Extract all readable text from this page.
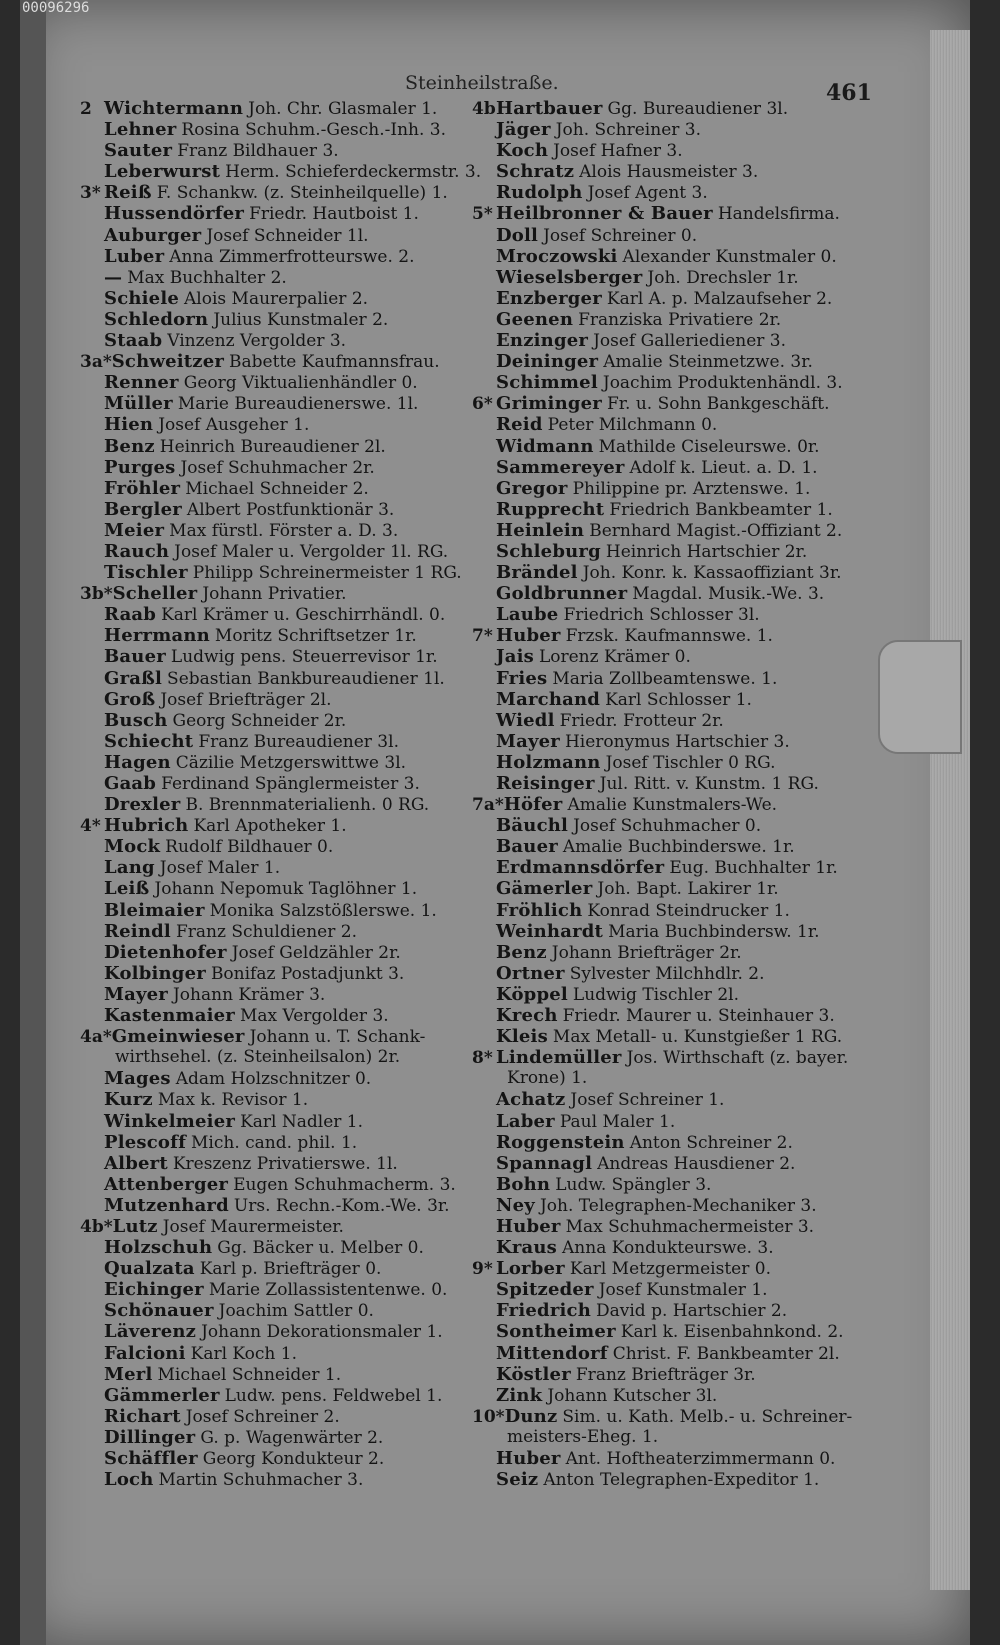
00096296
Steinheilstraße.	461
2 Wichtermann Joh. Chr. Glasmaler 1.
Lehner Rosina Schuhm.-Gesch.-Inh. 3.
Sauter Franz Bildhauer 3.
Leberwurst Herm. Schieferdeckermstr. 3.
3* Reiß F. Schankw. (z. Steinheilquelle) 1.
Hussendörfer Friedr. Hautboist 1.
Auburger Josef Schneider 1l.
Luber Anna Zimmerfrotteurswe. 2.
— Max Buchhalter 2.
Schiele Alois Maurerpalier 2.
Schledorn Julius Kunstmaler 2.
Staab Vinzenz Vergolder 3.
3a*Schweitzer Babette Kaufmannsfrau.
Renner Georg Viktualienhändler 0.
Müller Marie Bureaudienerswe. 1l.
Hien Josef Ausgeher 1.
Benz Heinrich Bureaudiener 2l.
Purges Josef Schuhmacher 2r.
Fröhler Michael Schneider 2.
Bergler Albert Postfunktionär 3.
Meier Max fürstl. Förster a. D. 3.
Rauch Josef Maler u. Vergolder 1l. RG.
Tischler Philipp Schreinermeister 1 RG.
3b*Scheller Johann Privatier.
Raab Karl Krämer u. Geschirrhändl. 0.
Herrmann Moritz Schriftsetzer 1r.
Bauer Ludwig pens. Steuerrevisor 1r.
Graßl Sebastian Bankbureaudiener 1l.
Groß Josef Briefträger 2l.
Busch Georg Schneider 2r.
Schiecht Franz Bureaudiener 3l.
Hagen Cäzilie Metzgerswittwe 3l.
Gaab Ferdinand Spänglermeister 3.
Drexler B. Brennmaterialienh. 0 RG.
4* Hubrich Karl Apotheker 1.
Mock Rudolf Bildhauer 0.
Lang Josef Maler 1.
Leiß Johann Nepomuk Taglöhner 1.
Bleimaier Monika Salzstößlerswe. 1.
Reindl Franz Schuldiener 2.
Dietenhofer Josef Geldzähler 2r.
Kolbinger Bonifaz Postadjunkt 3.
Mayer Johann Krämer 3.
Kastenmaier Max Vergolder 3.
4a*Gmeinwieser Johann u. T. Schank-
wirthsehel. (z. Steinheilsalon) 2r.
Mages Adam Holzschnitzer 0.
Kurz Max k. Revisor 1.
Winkelmeier Karl Nadler 1.
Plescoff Mich. cand. phil. 1.
Albert Kreszenz Privatierswe. 1l.
Attenberger Eugen Schuhmacherm. 3.
Mutzenhard Urs. Rechn.-Kom.-We. 3r.
4b*Lutz Josef Maurermeister.
Holzschuh Gg. Bäcker u. Melber 0.
Qualzata Karl p. Briefträger 0.
Eichinger Marie Zollassistentenwe. 0.
Schönauer Joachim Sattler 0.
Läverenz Johann Dekorationsmaler 1.
Falcioni Karl Koch 1.
Merl Michael Schneider 1.
Gämmerler Ludw. pens. Feldwebel 1.
Richart Josef Schreiner 2.
Dillinger G. p. Wagenwärter 2.
Schäffler Georg Kondukteur 2.
Loch Martin Schuhmacher 3.
4bHartbauer Gg. Bureaudiener 3l.
Jäger Joh. Schreiner 3.
Koch Josef Hafner 3.
Schratz Alois Hausmeister 3.
Rudolph Josef Agent 3.
5* Heilbronner & Bauer Handelsfirma.
Doll Josef Schreiner 0.
Mroczowski Alexander Kunstmaler 0.
Wieselsberger Joh. Drechsler 1r.
Enzberger Karl A. p. Malzaufseher 2.
Geenen Franziska Privatiere 2r.
Enzinger Josef Galleriediener 3.
Deininger Amalie Steinmetzwe. 3r.
Schimmel Joachim Produktenhändl. 3.
6* Griminger Fr. u. Sohn Bankgeschäft.
Reid Peter Milchmann 0.
Widmann Mathilde Ciseleurswe. 0r.
Sammereyer Adolf k. Lieut. a. D. 1.
Gregor Philippine pr. Arztenswe. 1.
Rupprecht Friedrich Bankbeamter 1.
Heinlein Bernhard Magist.-Offiziant 2.
Schleburg Heinrich Hartschier 2r.
Brändel Joh. Konr. k. Kassaoffiziant 3r.
Goldbrunner Magdal. Musik.-We. 3.
Laube Friedrich Schlosser 3l.
7* Huber Frzsk. Kaufmannswe. 1.
Jais Lorenz Krämer 0.
Fries Maria Zollbeamtenswe. 1.
Marchand Karl Schlosser 1.
Wiedl Friedr. Frotteur 2r.
Mayer Hieronymus Hartschier 3.
Holzmann Josef Tischler 0 RG.
Reisinger Jul. Ritt. v. Kunstm. 1 RG.
7a*Höfer Amalie Kunstmalers-We.
Bäuchl Josef Schuhmacher 0.
Bauer Amalie Buchbinderswe. 1r.
Erdmannsdörfer Eug. Buchhalter 1r.
Gämerler Joh. Bapt. Lakirer 1r.
Fröhlich Konrad Steindrucker 1.
Weinhardt Maria Buchbindersw. 1r.
Benz Johann Briefträger 2r.
Ortner Sylvester Milchhdlr. 2.
Köppel Ludwig Tischler 2l.
Krech Friedr. Maurer u. Steinhauer 3.
Kleis Max Metall- u. Kunstgießer 1 RG.
8* Lindemüller Jos. Wirthschaft (z. bayer.
Krone) 1.
Achatz Josef Schreiner 1.
Laber Paul Maler 1.
Roggenstein Anton Schreiner 2.
Spannagl Andreas Hausdiener 2.
Bohn Ludw. Spängler 3.
Ney Joh. Telegraphen-Mechaniker 3.
Huber Max Schuhmachermeister 3.
Kraus Anna Kondukteurswe. 3.
9* Lorber Karl Metzgermeister 0.
Spitzeder Josef Kunstmaler 1.
Friedrich David p. Hartschier 2.
Sontheimer Karl k. Eisenbahnkond. 2.
Mittendorf Christ. F. Bankbeamter 2l.
Köstler Franz Briefträger 3r.
Zink Johann Kutscher 3l.
10*Dunz Sim. u. Kath. Melb.- u. Schreiner-
meisters-Eheg. 1.
Huber Ant. Hoftheaterzimmermann 0.
Seiz Anton Telegraphen-Expeditor 1.
